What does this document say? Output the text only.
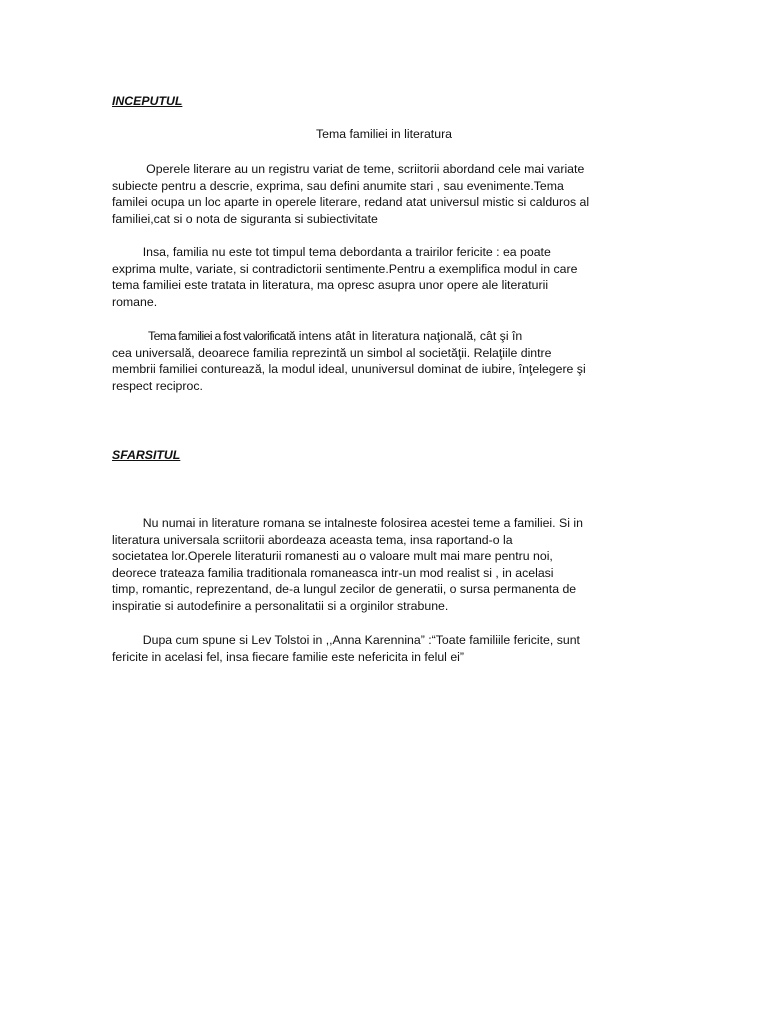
INCEPUTUL
Tema familiei in literatura
Operele literare au un registru variat de teme, scriitorii abordand cele mai variate
subiecte pentru a descrie, exprima, sau defini anumite stari , sau evenimente.Tema
familei ocupa un loc aparte in operele literare, redand atat universul mistic si calduros al
familiei,cat si o nota de siguranta si subiectivitate
Insa, familia nu este tot timpul tema debordanta a trairilor fericite : ea poate
exprima multe, variate, si contradictorii sentimente.Pentru a exemplifica modul in care
tema familiei este tratata in literatura, ma opresc asupra unor opere ale literaturii
romane.
Tema familiei a fost valorificată intens atât in literatura naţională, cât şi în
cea universală, deoarece familia reprezintă un simbol al societăţii. Relaţiile dintre
membrii familiei conturează, la modul ideal, ununiversul dominat de iubire, înţelegere şi
respect reciproc.
SFARSITUL
Nu numai in literature romana se intalneste folosirea acestei teme a familiei. Si in
literatura universala scriitorii abordeaza aceasta tema, insa raportand-o la
societatea lor.Operele literaturii romanesti au o valoare mult mai mare pentru noi,
deorece trateaza familia traditionala romaneasca intr-un mod realist si , in acelasi
timp, romantic, reprezentand, de-a lungul zecilor de generatii, o sursa permanenta de
inspiratie si autodefinire a personalitatii si a orginilor strabune.
Dupa cum spune si Lev Tolstoi in ,,Anna Karennina” :“Toate familiile fericite, sunt
fericite in acelasi fel, insa fiecare familie este nefericita in felul ei”
